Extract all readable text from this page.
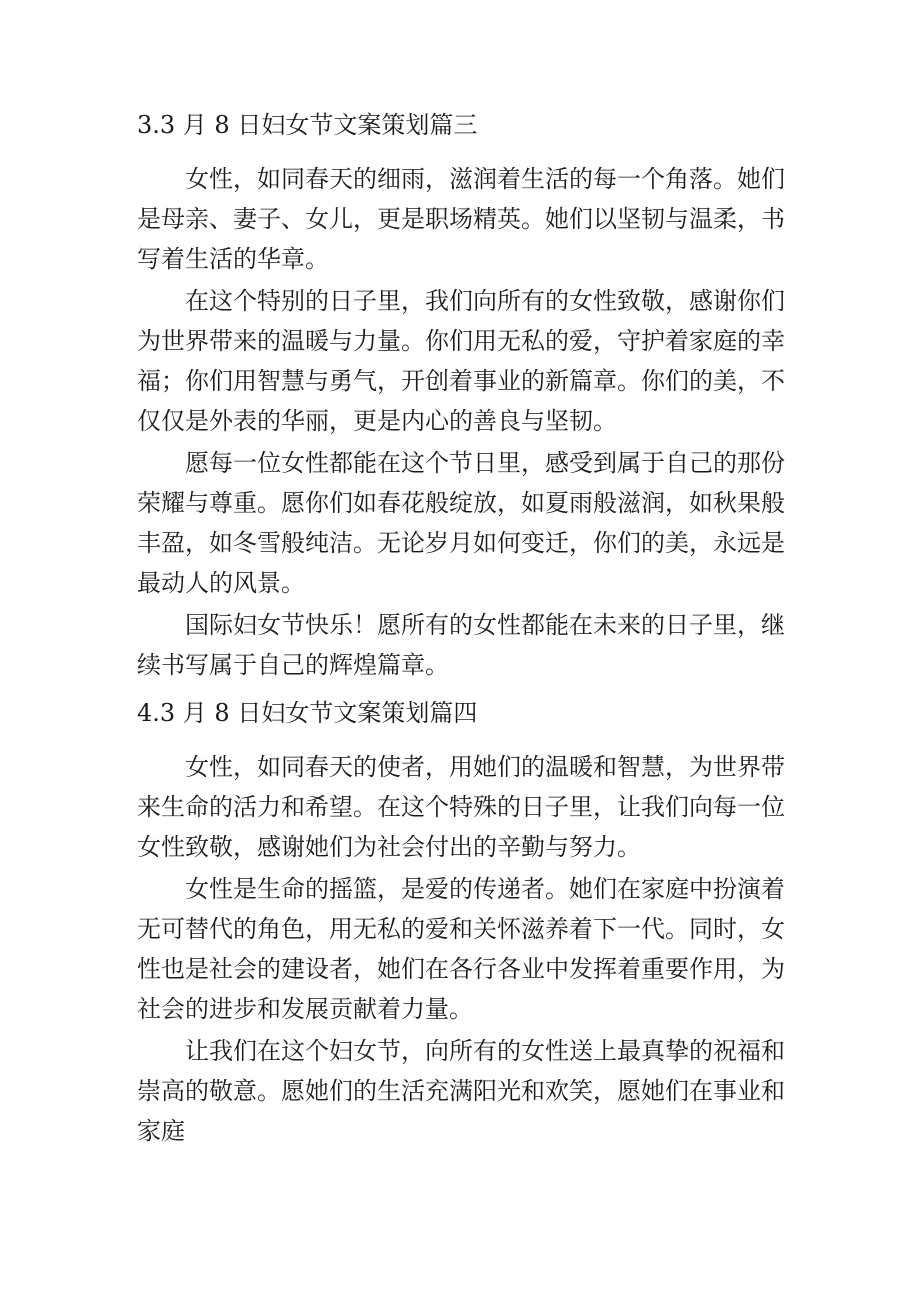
3.3 月 8 日妇女节文案策划篇三

女性，如同春天的细雨，滋润着生活的每一个角落。她们是母亲、妻子、女儿，更是职场精英。她们以坚韧与温柔，书写着生活的华章。

在这个特别的日子里，我们向所有的女性致敬，感谢你们为世界带来的温暖与力量。你们用无私的爱，守护着家庭的幸福；你们用智慧与勇气，开创着事业的新篇章。你们的美，不仅仅是外表的华丽，更是内心的善良与坚韧。

愿每一位女性都能在这个节日里，感受到属于自己的那份荣耀与尊重。愿你们如春花般绽放，如夏雨般滋润，如秋果般丰盈，如冬雪般纯洁。无论岁月如何变迁，你们的美，永远是最动人的风景。

国际妇女节快乐！愿所有的女性都能在未来的日子里，继续书写属于自己的辉煌篇章。

4.3 月 8 日妇女节文案策划篇四

女性，如同春天的使者，用她们的温暖和智慧，为世界带来生命的活力和希望。在这个特殊的日子里，让我们向每一位女性致敬，感谢她们为社会付出的辛勤与努力。

女性是生命的摇篮，是爱的传递者。她们在家庭中扮演着无可替代的角色，用无私的爱和关怀滋养着下一代。同时，女性也是社会的建设者，她们在各行各业中发挥着重要作用，为社会的进步和发展贡献着力量。

让我们在这个妇女节，向所有的女性送上最真挚的祝福和崇高的敬意。愿她们的生活充满阳光和欢笑，愿她们在事业和家庭
